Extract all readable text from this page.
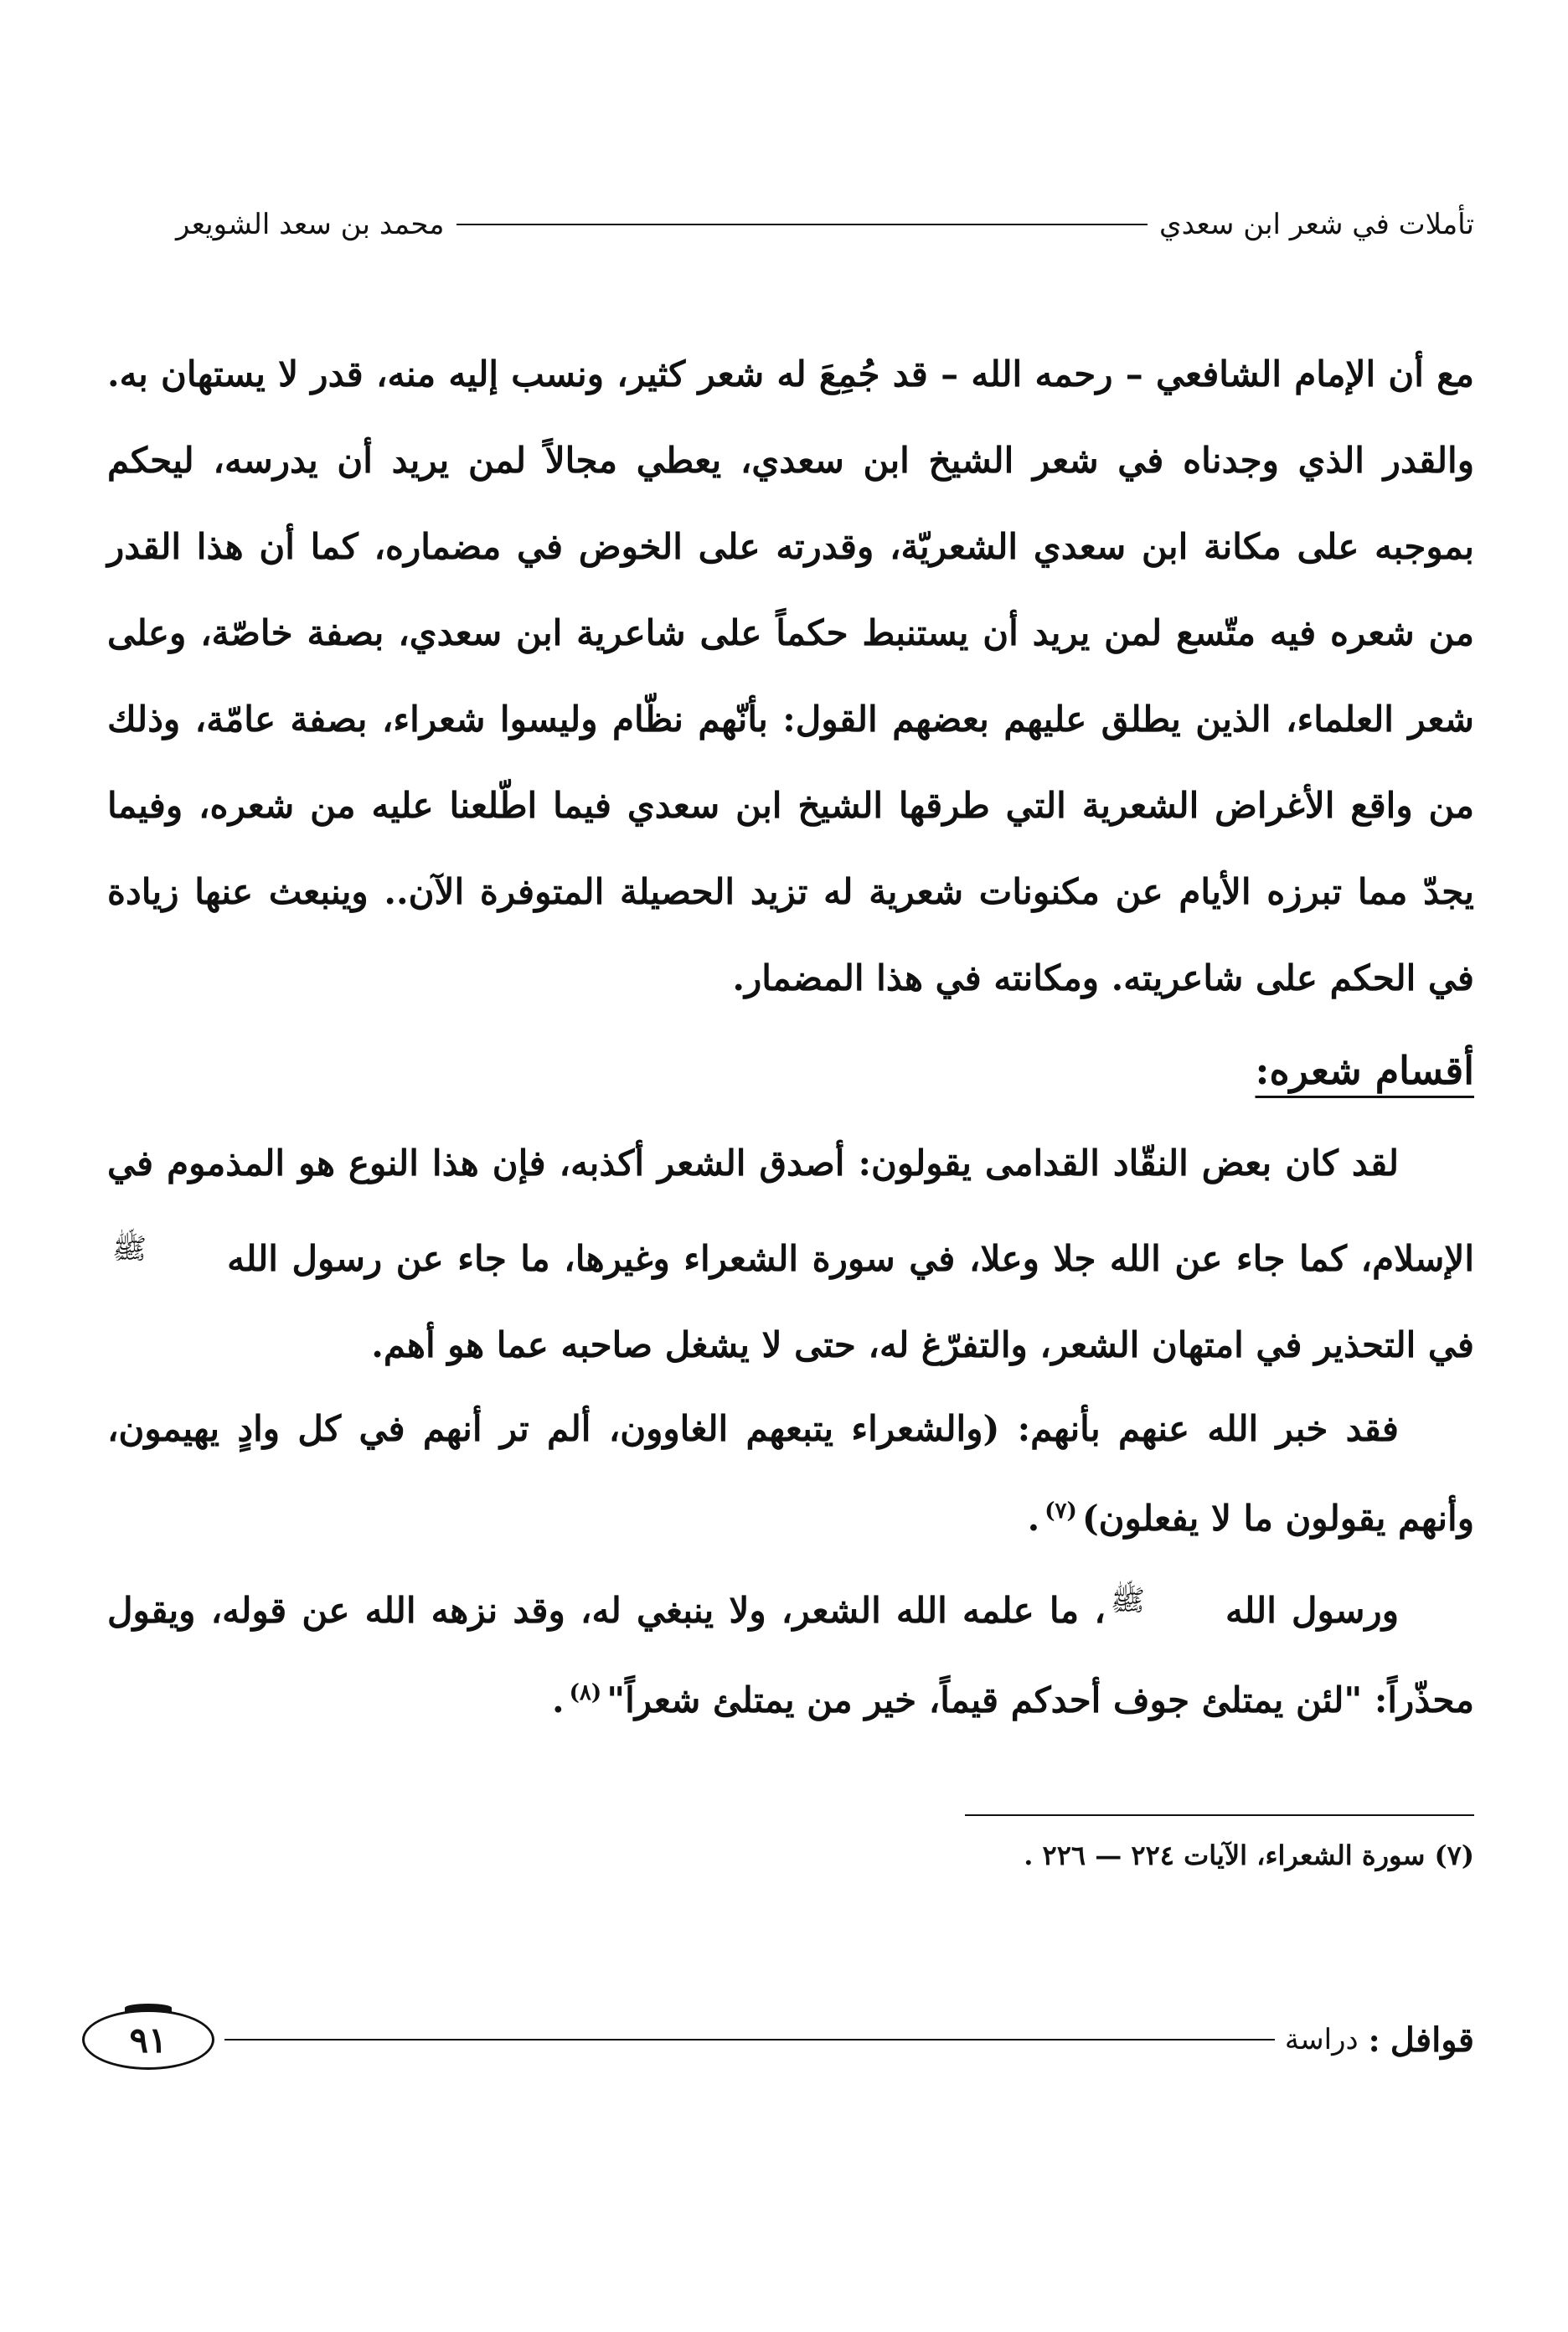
تأملات في شعر ابن سعدي
محمد بن سعد الشويعر

مع أن الإمام الشافعي – رحمه الله – قد جُمِعَ له شعر كثير، ونسب إليه منه، قدر لا يستهان به. والقدر الذي وجدناه في شعر الشيخ ابن سعدي، يعطي مجالاً لمن يريد أن يدرسه، ليحكم بموجبه على مكانة ابن سعدي الشعريّة، وقدرته على الخوض في مضماره، كما أن هذا القدر من شعره فيه متّسع لمن يريد أن يستنبط حكماً على شاعرية ابن سعدي، بصفة خاصّة، وعلى شعر العلماء، الذين يطلق عليهم بعضهم القول: بأنّهم نظّام وليسوا شعراء، بصفة عامّة، وذلك من واقع الأغراض الشعرية التي طرقها الشيخ ابن سعدي فيما اطّلعنا عليه من شعره، وفيما يجدّ مما تبرزه الأيام عن مكنونات شعرية له تزيد الحصيلة المتوفرة الآن.. وينبعث عنها زيادة في الحكم على شاعريته. ومكانته في هذا المضمار.

أقسام شعره:

لقد كان بعض النقّاد القدامى يقولون: أصدق الشعر أكذبه، فإن هذا النوع هو المذموم في الإسلام، كما جاء عن الله جلا وعلا، في سورة الشعراء وغيرها، ما جاء عن رسول اللهﷺفي التحذير في امتهان الشعر، والتفرّغ له، حتى لا يشغل صاحبه عما هو أهم.

فقد خبر الله عنهم بأنهم: (والشعراء يتبعهم الغاوون، ألم تر أنهم في كل وادٍ يهيمون، وأنهم يقولون ما لا يفعلون)$^{(٧)}$.

ورسول اللهﷺ، ما علمه الله الشعر، ولا ينبغي له، وقد نزهه الله عن قوله، ويقول محذّراً: "لئن يمتلئ جوف أحدكم قيماً، خير من يمتلئ شعراً"$^{(٨)}$.

(٧) سورة الشعراء، الآيات ٢٢٤ — ٢٢٦ .
قوافل
:
دراسة
٩١
